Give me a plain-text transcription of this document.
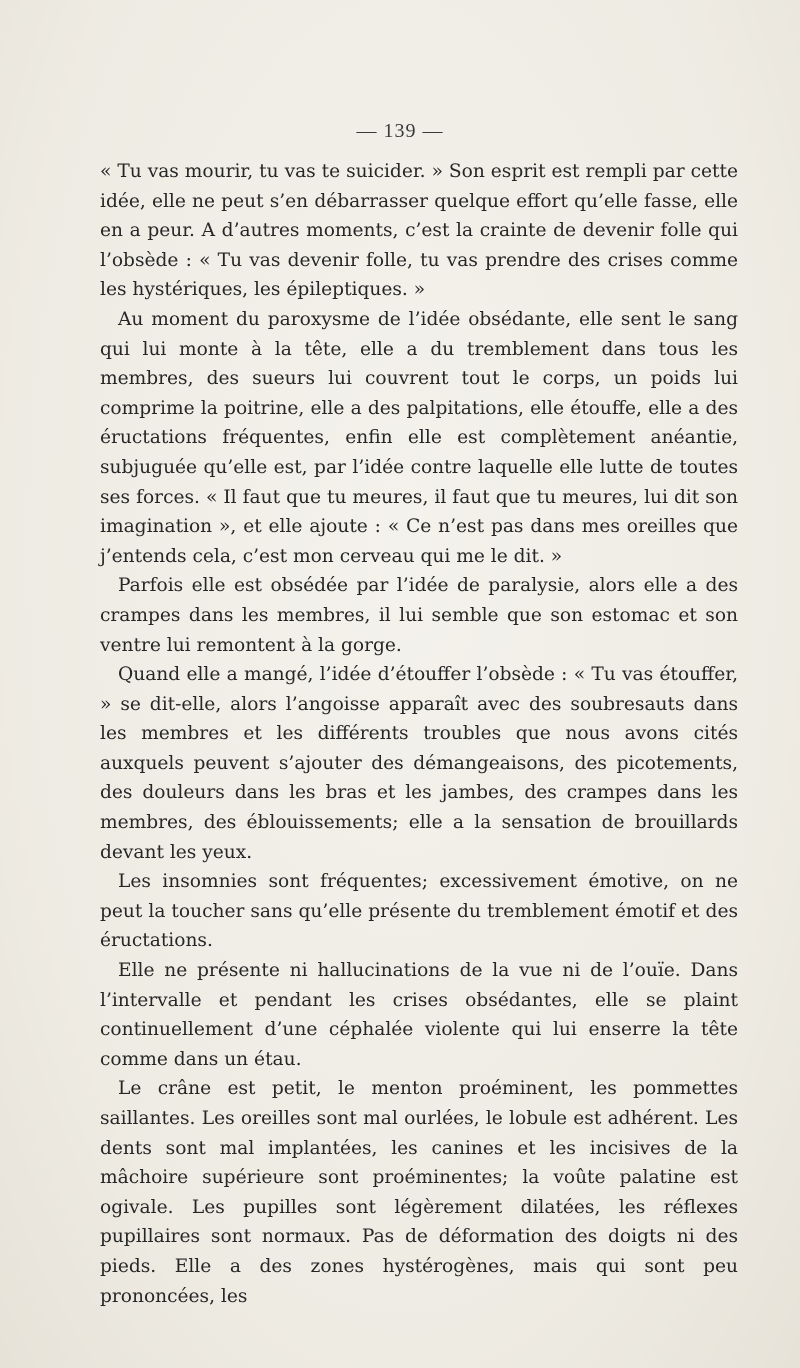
— 139 —

« Tu vas mourir, tu vas te suicider. » Son esprit est rempli par cette idée, elle ne peut s’en débarrasser quelque effort qu’elle fasse, elle en a peur. A d’autres moments, c’est la crainte de devenir folle qui l’obsède : « Tu vas devenir folle, tu vas prendre des crises comme les hystériques, les épileptiques. »

Au moment du paroxysme de l’idée obsédante, elle sent le sang qui lui monte à la tête, elle a du tremblement dans tous les membres, des sueurs lui couvrent tout le corps, un poids lui comprime la poitrine, elle a des palpitations, elle étouffe, elle a des éructations fréquentes, enfin elle est complètement anéantie, subjuguée qu’elle est, par l’idée contre laquelle elle lutte de toutes ses forces. « Il faut que tu meures, il faut que tu meures, lui dit son imagination », et elle ajoute : « Ce n’est pas dans mes oreilles que j’entends cela, c’est mon cerveau qui me le dit. »

Parfois elle est obsédée par l’idée de paralysie, alors elle a des crampes dans les membres, il lui semble que son estomac et son ventre lui remontent à la gorge.

Quand elle a mangé, l’idée d’étouffer l’obsède : « Tu vas étouffer, » se dit-elle, alors l’angoisse apparaît avec des soubresauts dans les membres et les différents troubles que nous avons cités auxquels peuvent s’ajouter des démangeaisons, des picotements, des douleurs dans les bras et les jambes, des crampes dans les membres, des éblouissements; elle a la sensation de brouillards devant les yeux.

Les insomnies sont fréquentes; excessivement émotive, on ne peut la toucher sans qu’elle présente du tremblement émotif et des éructations.

Elle ne présente ni hallucinations de la vue ni de l’ouïe. Dans l’intervalle et pendant les crises obsédantes, elle se plaint continuellement d’une céphalée violente qui lui enserre la tête comme dans un étau.

Le crâne est petit, le menton proéminent, les pommettes saillantes. Les oreilles sont mal ourlées, le lobule est adhérent. Les dents sont mal implantées, les canines et les incisives de la mâchoire supérieure sont proéminentes; la voûte palatine est ogivale. Les pupilles sont légèrement dilatées, les réflexes pupillaires sont normaux. Pas de déformation des doigts ni des pieds. Elle a des zones hystérogènes, mais qui sont peu prononcées, les
